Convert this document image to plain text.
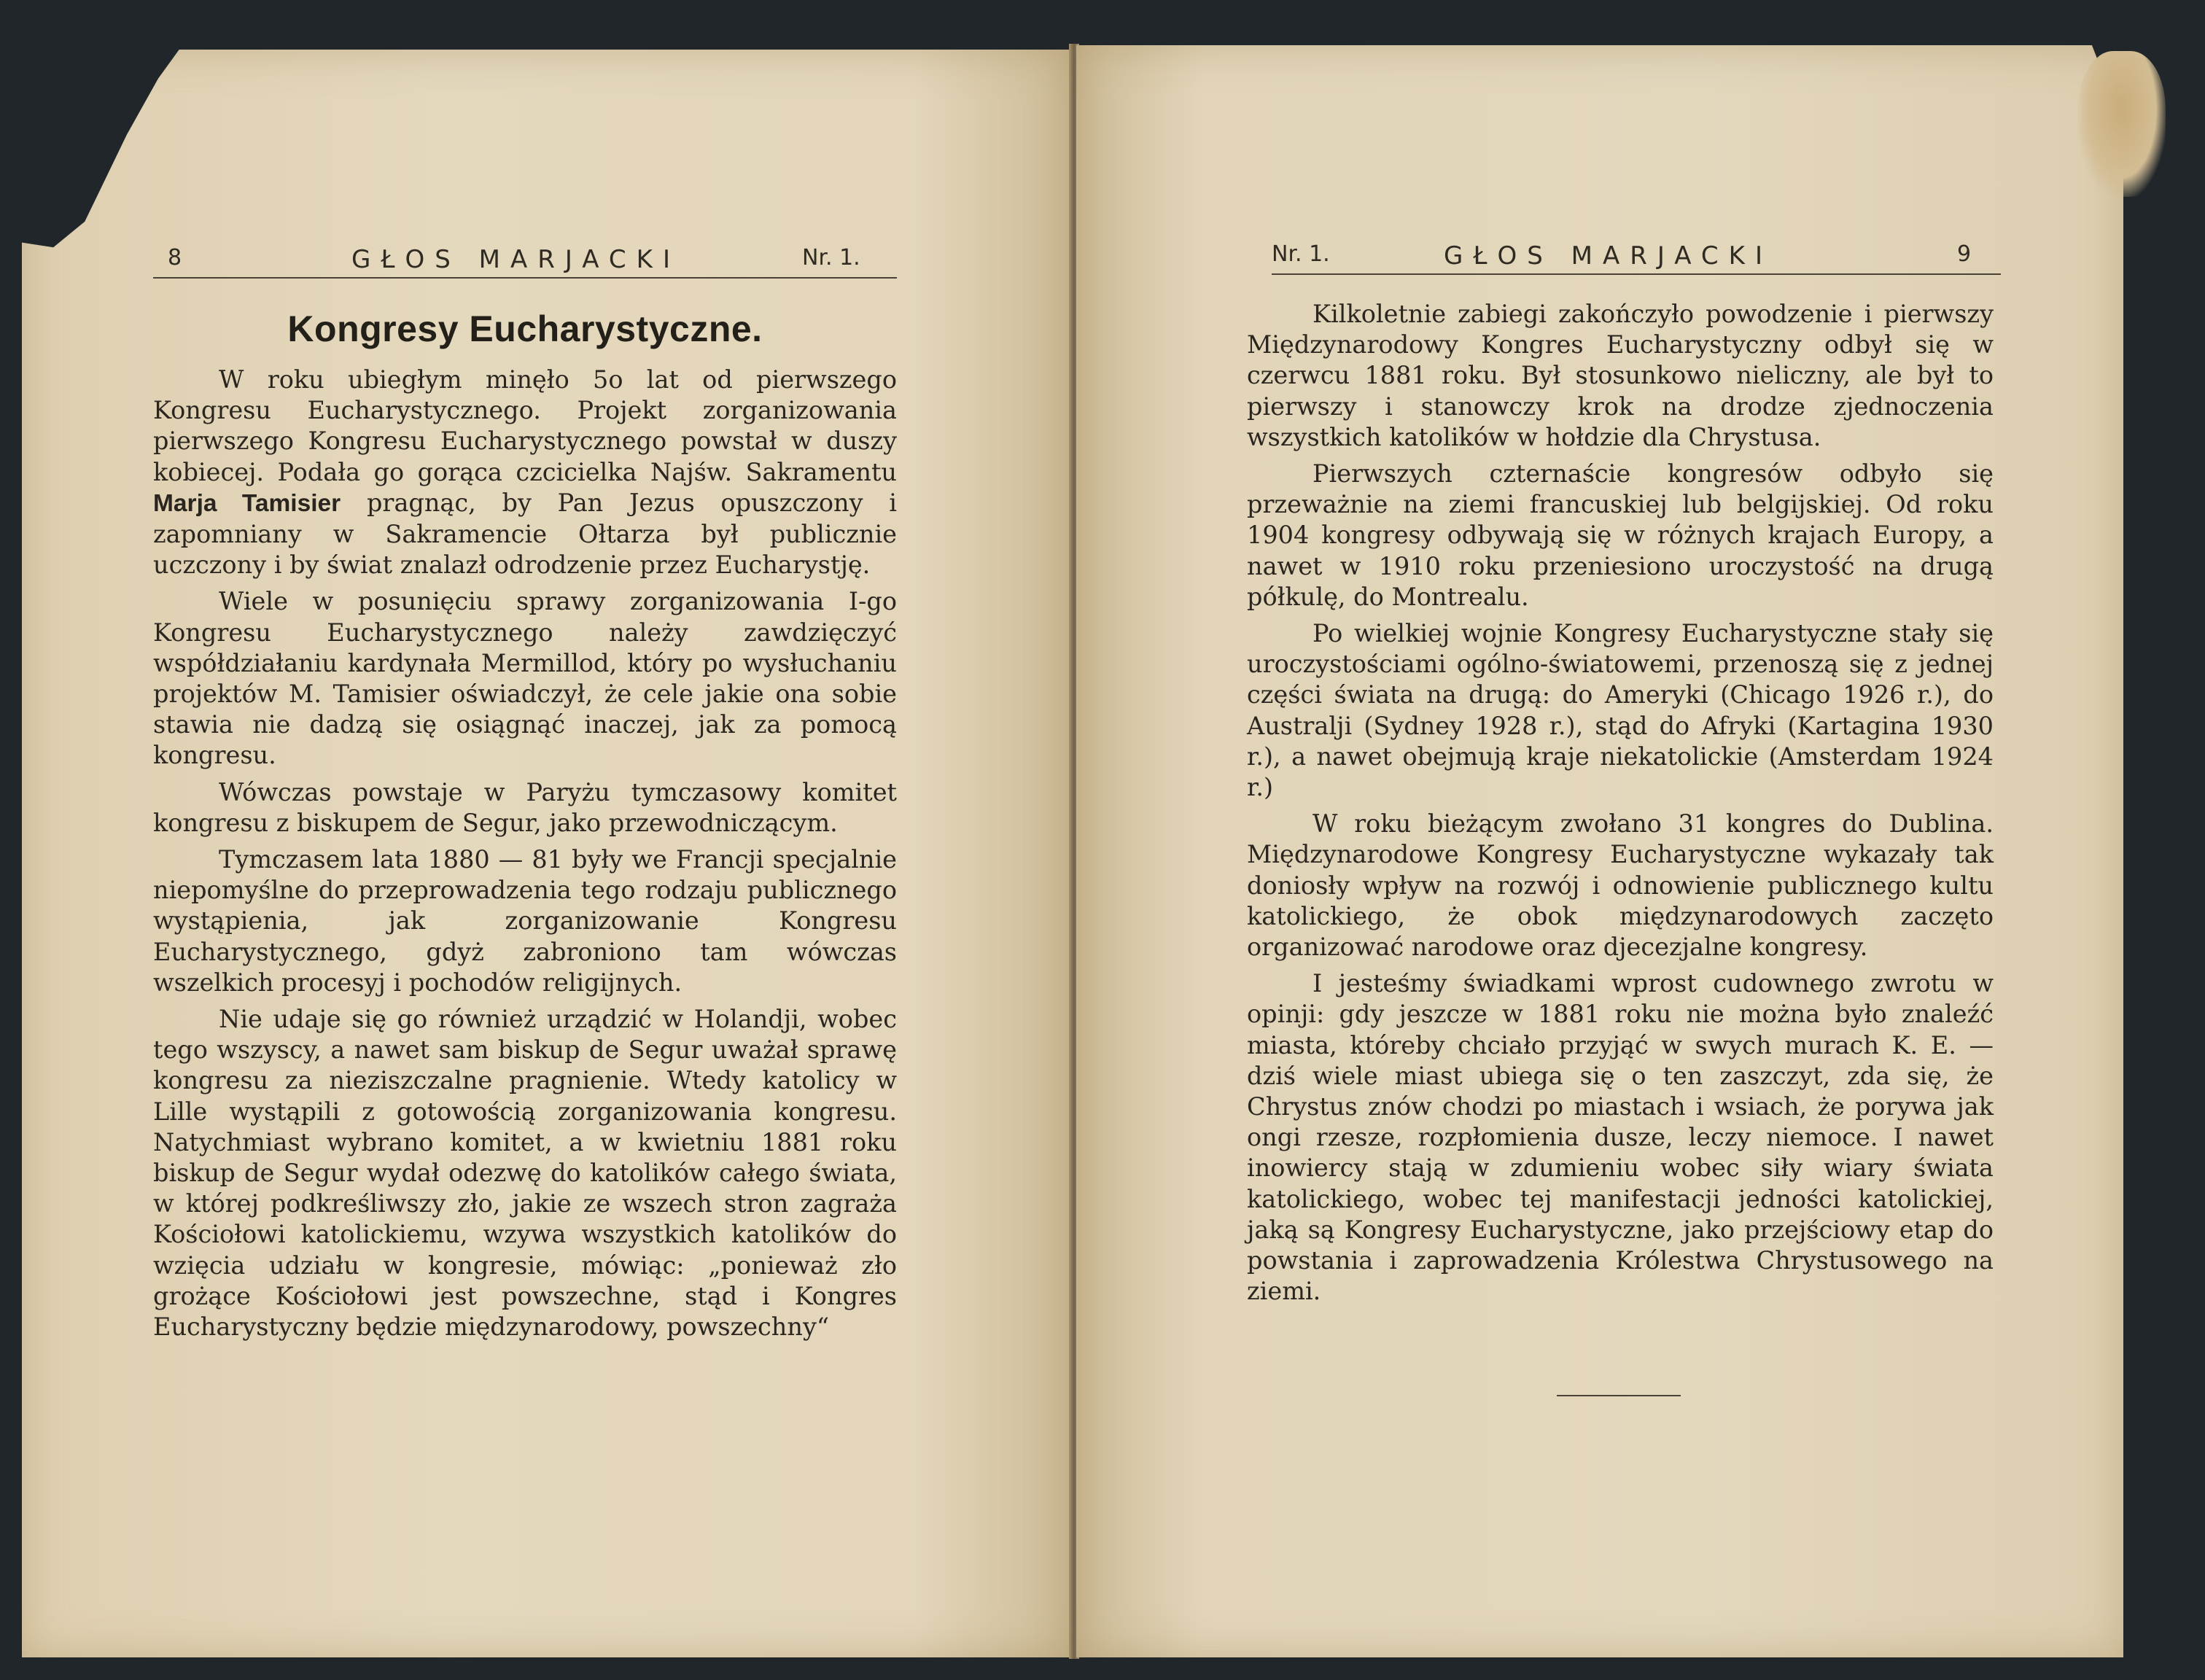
8	GŁOS MARJACKI	Nr. 1.
Kongresy Eucharystyczne.

W roku ubiegłym minęło 5o lat od pierwszego Kongresu Eucharystycznego. Projekt zorganizowania pierwszego Kongresu Eucharystycznego powstał w duszy kobiecej. Podała go gorąca czcicielka Najśw. Sakramentu Marja Tamisier pragnąc, by Pan Jezus opuszczony i zapomniany w Sakramencie Ołtarza był publicznie uczczony i by świat znalazł odrodzenie przez Eucharystję.

Wiele w posunięciu sprawy zorganizowania I-go Kongresu Eucharystycznego należy zawdzięczyć współdziałaniu kardynała Mermillod, który po wysłuchaniu projektów M. Tamisier oświadczył, że cele jakie ona sobie stawia nie dadzą się osiągnąć inaczej, jak za pomocą kongresu.

Wówczas powstaje w Paryżu tymczasowy komitet kongresu z biskupem de Segur, jako przewodniczącym.

Tymczasem lata 1880 — 81 były we Francji specjalnie niepomyślne do przeprowadzenia tego rodzaju publicznego wystąpienia, jak zorganizowanie Kongresu Eucharystycznego, gdyż zabroniono tam wówczas wszelkich procesyj i pochodów religijnych.

Nie udaje się go również urządzić w Holandji, wobec tego wszyscy, a nawet sam biskup de Segur uważał sprawę kongresu za nieziszczalne pragnienie. Wtedy katolicy w Lille wystąpili z gotowością zorganizowania kongresu. Natychmiast wybrano komitet, a w kwietniu 1881 roku biskup de Segur wydał odezwę do katolików całego świata, w której podkreśliwszy zło, jakie ze wszech stron zagraża Kościołowi katolickiemu, wzywa wszystkich katolików do wzięcia udziału w kongresie, mówiąc: „ponieważ zło grożące Kościołowi jest powszechne, stąd i Kongres Eucharystyczny będzie międzynarodowy, powszechny“

Nr. 1.	GŁOS MARJACKI	9

Kilkoletnie zabiegi zakończyło powodzenie i pierwszy Międzynarodowy Kongres Eucharystyczny odbył się w czerwcu 1881 roku. Był stosunkowo nieliczny, ale był to pierwszy i stanowczy krok na drodze zjednoczenia wszystkich katolików w hołdzie dla Chrystusa.

Pierwszych czternaście kongresów odbyło się przeważnie na ziemi francuskiej lub belgijskiej. Od roku 1904 kongresy odbywają się w różnych krajach Europy, a nawet w 1910 roku przeniesiono uroczystość na drugą półkulę, do Montrealu.

Po wielkiej wojnie Kongresy Eucharystyczne stały się uroczystościami ogólno-światowemi, przenoszą się z jednej części świata na drugą: do Ameryki (Chicago 1926 r.), do Australji (Sydney 1928 r.), stąd do Afryki (Kartagina 1930 r.), a nawet obejmują kraje niekatolickie (Amsterdam 1924 r.)

W roku bieżącym zwołano 31 kongres do Dublina. Międzynarodowe Kongresy Eucharystyczne wykazały tak doniosły wpływ na rozwój i odnowienie publicznego kultu katolickiego, że obok międzynarodowych zaczęto organizować narodowe oraz djecezjalne kongresy.

I jesteśmy świadkami wprost cudownego zwrotu w opinji: gdy jeszcze w 1881 roku nie można było znaleźć miasta, któreby chciało przyjąć w swych murach K. E. — dziś wiele miast ubiega się o ten zaszczyt, zda się, że Chrystus znów chodzi po miastach i wsiach, że porywa jak ongi rzesze, rozpłomienia dusze, leczy niemoce. I nawet inowiercy stają w zdumieniu wobec siły wiary świata katolickiego, wobec tej manifestacji jedności katolickiej, jaką są Kongresy Eucharystyczne, jako przejściowy etap do powstania i zaprowadzenia Królestwa Chrystusowego na ziemi.
